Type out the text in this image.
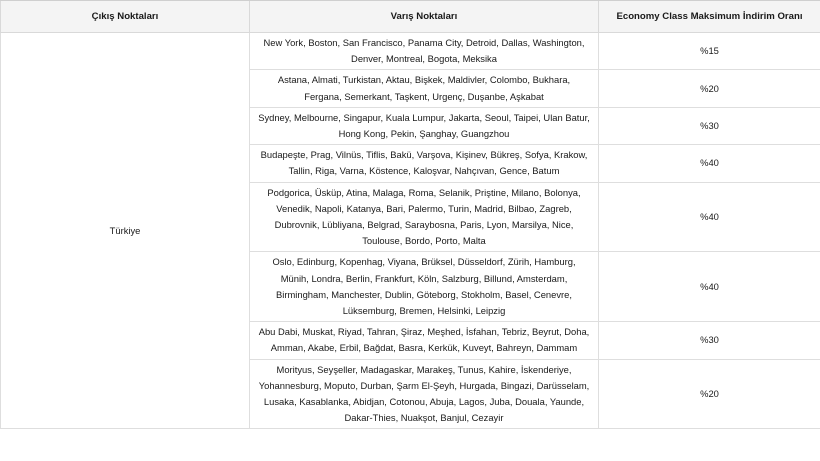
Çıkış Noktaları	Varış Noktaları	Economy Class Maksimum İndirim Oranı
Türkiye	New York, Boston, San Francisco, Panama City, Detroid, Dallas, Washington, Denver, Montreal, Bogota, Meksika	%15
	Astana, Almati, Turkistan, Aktau, Bişkek, Maldivler, Colombo, Bukhara, Fergana, Semerkant, Taşkent, Urgenç, Duşanbe, Aşkabat	%20
	Sydney, Melbourne, Singapur, Kuala Lumpur, Jakarta, Seoul, Taipei, Ulan Batur, Hong Kong, Pekin, Şanghay, Guangzhou	%30
	Budapeşte, Prag, Vilnüs, Tiflis, Bakü, Varşova, Kişinev, Bükreş, Sofya, Krakow, Tallin, Riga, Varna, Köstence, Kaloşvar, Nahçıvan, Gence, Batum	%40
	Podgorica, Üsküp, Atina, Malaga, Roma, Selanik, Priştine, Milano, Bolonya, Venedik, Napoli, Katanya, Bari, Palermo, Turin, Madrid, Bilbao, Zagreb, Dubrovnik, Lübliyana, Belgrad, Saraybosna, Paris, Lyon, Marsilya, Nice, Toulouse, Bordo, Porto, Malta	%40
	Oslo, Edinburg, Kopenhag, Viyana, Brüksel, Düsseldorf, Zürih, Hamburg, Münih, Londra, Berlin, Frankfurt, Köln, Salzburg, Billund, Amsterdam, Birmingham, Manchester, Dublin, Göteborg, Stokholm, Basel, Cenevre, Lüksemburg, Bremen, Helsinki, Leipzig	%40
	Abu Dabi, Muskat, Riyad, Tahran, Şiraz, Meşhed, İsfahan, Tebriz, Beyrut, Doha, Amman, Akabe, Erbil, Bağdat, Basra, Kerkük, Kuveyt, Bahreyn, Dammam	%30
	Morityus, Seyşeller, Madagaskar, Marakeş, Tunus, Kahire, İskenderiye, Yohannesburg, Moputo, Durban, Şarm El-Şeyh, Hurgada, Bingazi, Darüsselam, Lusaka, Kasablanka, Abidjan, Cotonou, Abuja, Lagos, Juba, Douala, Yaunde, Dakar-Thies, Nuakşot, Banjul, Cezayir	%20
